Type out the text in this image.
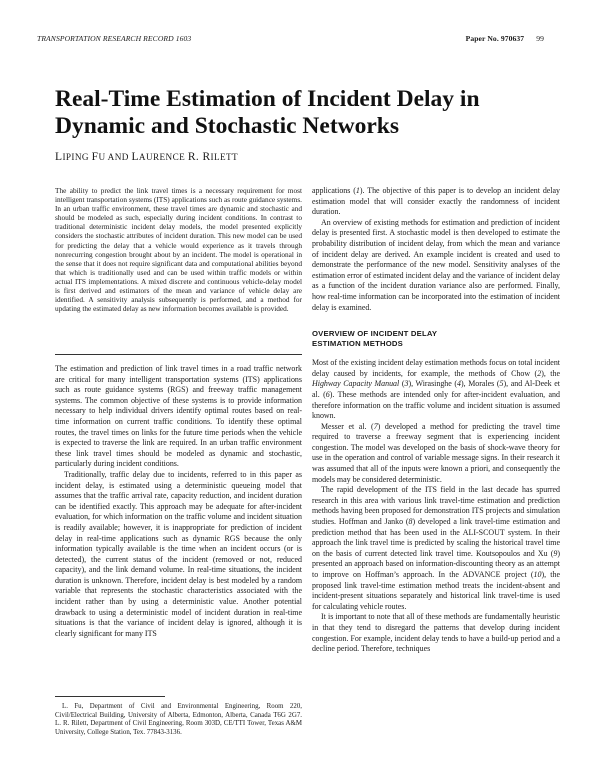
TRANSPORTATION RESEARCH RECORD 1603	Paper No. 970637 99
Real-Time Estimation of Incident Delay in Dynamic and Stochastic Networks
LIPING FU AND LAURENCE R. RILETT

The ability to predict the link travel times is a necessary requirement for most intelligent transportation systems (ITS) applications such as route guidance systems. In an urban traffic environment, these travel times are dynamic and stochastic and should be modeled as such, especially during incident conditions. In contrast to traditional deterministic incident delay models, the model presented explicitly considers the stochastic attributes of incident duration. This new model can be used for predicting the delay that a vehicle would experience as it travels through nonrecurring congestion brought about by an incident. The model is operational in the sense that it does not require significant data and computational abilities beyond that which is traditionally used and can be used within traffic models or within actual ITS implementations. A mixed discrete and continuous vehicle-delay model is first derived and estimators of the mean and variance of vehicle delay are identified. A sensitivity analysis subsequently is performed, and a method for updating the estimated delay as new information becomes available is provided.

The estimation and prediction of link travel times in a road traffic network are critical for many intelligent transportation systems (ITS) applications such as route guidance systems (RGS) and freeway traffic management systems. The common objective of these systems is to provide information necessary to help individual drivers identify optimal routes based on real-time information on current traffic conditions. To identify these optimal routes, the travel times on links for the future time periods when the vehicle is expected to traverse the link are required. In an urban traffic environment these link travel times should be modeled as dynamic and stochastic, particularly during incident conditions.

Traditionally, traffic delay due to incidents, referred to in this paper as incident delay, is estimated using a deterministic queueing model that assumes that the traffic arrival rate, capacity reduction, and incident duration can be identified exactly. This approach may be adequate for after-incident evaluation, for which information on the traffic volume and incident situation is readily available; however, it is inappropriate for prediction of incident delay in real-time applications such as dynamic RGS because the only information typically available is the time when an incident occurs (or is detected), the current status of the incident (removed or not, reduced capacity), and the link demand volume. In real-time situations, the incident duration is unknown. Therefore, incident delay is best modeled by a random variable that represents the stochastic characteristics associated with the incident rather than by using a deterministic value. Another potential drawback to using a deterministic model of incident duration in real-time situations is that the variance of incident delay is ignored, although it is clearly significant for many ITS

L. Fu, Department of Civil and Environmental Engineering, Room 220, Civil/Electrical Building, University of Alberta, Edmonton, Alberta, Canada T6G 2G7. L. R. Rilett, Department of Civil Engineering, Room 303D, CE/TTI Tower, Texas A&M University, College Station, Tex. 77843-3136.

applications (1). The objective of this paper is to develop an incident delay estimation model that will consider exactly the randomness of incident duration.

An overview of existing methods for estimation and prediction of incident delay is presented first. A stochastic model is then developed to estimate the probability distribution of incident delay, from which the mean and variance of incident delay are derived. An example incident is created and used to demonstrate the performance of the new model. Sensitivity analyses of the estimation error of estimated incident delay and the variance of incident delay as a function of the incident duration variance also are performed. Finally, how real-time information can be incorporated into the estimation of incident delay is examined.

OVERVIEW OF INCIDENT DELAY
ESTIMATION METHODS

Most of the existing incident delay estimation methods focus on total incident delay caused by incidents, for example, the methods of Chow (2), the Highway Capacity Manual (3), Wirasinghe (4), Morales (5), and Al-Deek et al. (6). These methods are intended only for after-incident evaluation, and therefore information on the traffic volume and incident situation is assumed known.

Messer et al. (7) developed a method for predicting the travel time required to traverse a freeway segment that is experiencing incident congestion. The model was developed on the basis of shock-wave theory for use in the operation and control of variable message signs. In their research it was assumed that all of the inputs were known a priori, and consequently the models may be considered deterministic.

The rapid development of the ITS field in the last decade has spurred research in this area with various link travel-time estimation and prediction methods having been proposed for demonstration ITS projects and simulation studies. Hoffman and Janko (8) developed a link travel-time estimation and prediction method that has been used in the ALI-SCOUT system. In their approach the link travel time is predicted by scaling the historical travel time on the basis of current detected link travel time. Koutsopoulos and Xu (9) presented an approach based on information-discounting theory as an attempt to improve on Hoffman’s approach. In the ADVANCE project (10), the proposed link travel-time estimation method treats the incident-absent and incident-present situations separately and historical link travel-time is used for calculating vehicle routes.

It is important to note that all of these methods are fundamentally heuristic in that they tend to disregard the patterns that develop during incident congestion. For example, incident delay tends to have a build-up period and a decline period. Therefore, techniques
